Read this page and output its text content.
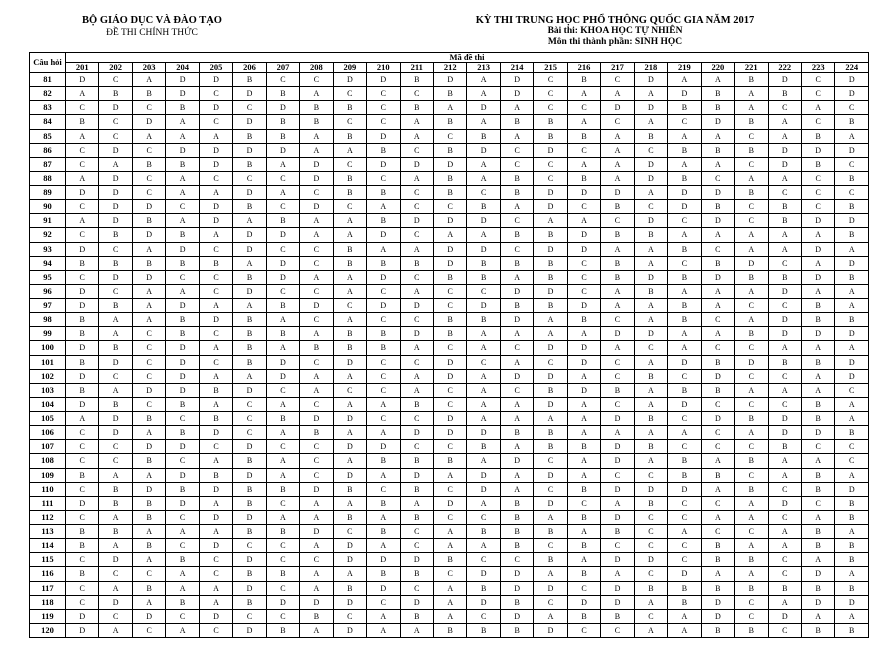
BỘ GIÁO DỤC VÀ ĐÀO TẠO
ĐỀ THI CHÍNH THỨC
KỲ THI TRUNG HỌC PHỔ THÔNG QUỐC GIA NĂM 2017
Bài thi: KHOA HỌC TỰ NHIÊN
Môn thi thành phần: SINH HỌC
Câu hỏi	Mã đề thi																							
	201	202	203	204	205	206	207	208	209	210	211	212	213	214	215	216	217	218	219	220	221	222	223	224
81	D	C	A	D	D	B	C	C	D	D	B	D	A	D	C	B	C	D	A	A	B	D	C	D
82	A	B	B	D	C	D	B	A	C	C	C	B	A	D	C	A	A	A	D	B	A	B	C	D
83	C	D	C	B	D	C	D	B	B	C	B	A	D	A	C	C	D	D	B	B	A	C	A	C
84	B	C	D	A	C	D	B	B	C	C	A	B	A	B	B	A	C	A	C	D	B	A	C	B
85	A	C	A	A	A	B	B	A	B	D	A	C	B	A	B	B	A	B	A	A	C	A	B	A
86	C	D	C	D	D	D	D	A	A	B	C	B	D	C	D	C	A	C	B	B	B	D	D	D
87	C	A	B	B	D	B	A	D	C	D	D	D	A	C	C	A	A	D	A	A	C	D	B	C
88	A	D	C	A	C	C	C	D	B	C	A	B	A	B	C	B	A	D	B	C	A	A	C	B
89	D	D	C	A	A	D	A	C	B	B	C	B	C	B	D	D	D	A	D	D	B	C	C	C
90	C	D	D	C	D	B	C	D	C	A	C	C	B	A	D	C	B	C	D	B	C	B	C	B
91	A	D	B	A	D	A	B	A	A	B	D	D	D	C	A	A	C	D	C	D	C	B	D	D
92	C	B	D	B	A	D	D	A	A	D	C	A	A	B	B	D	B	B	A	A	A	A	A	B
93	D	C	A	D	C	D	C	C	B	A	A	D	D	C	D	D	A	A	B	C	A	A	D	A
94	B	B	B	B	B	A	D	C	B	B	B	D	B	B	B	C	B	A	C	B	D	C	A	D
95	C	D	D	C	C	B	D	A	A	D	C	B	B	A	B	C	B	D	B	D	B	B	D	B
96	D	C	A	A	C	D	C	C	A	C	A	C	C	D	D	C	A	B	A	A	A	D	A	A
97	D	B	A	D	A	A	B	D	C	D	D	C	D	B	B	D	A	A	B	A	C	C	B	A
98	B	A	A	B	D	B	A	C	A	C	C	B	B	D	A	B	C	A	B	C	A	D	B	B
99	B	A	C	B	C	B	B	A	B	B	D	B	A	A	A	A	D	D	A	A	B	D	D	D
100	D	B	C	D	A	B	A	B	B	B	A	C	A	C	D	D	A	C	A	C	C	A	A	A
101	B	D	C	D	C	B	D	C	D	C	C	D	C	A	C	D	C	A	D	B	D	B	B	D
102	D	C	C	D	A	A	D	A	A	C	A	D	A	D	D	A	C	B	C	D	C	C	A	D
103	B	A	D	D	B	D	C	A	C	C	A	C	A	C	B	D	B	A	B	B	A	A	A	C
104	D	B	C	B	A	C	A	C	A	A	B	C	A	A	D	A	C	A	D	C	C	C	B	A
105	A	D	B	C	B	C	B	D	D	C	C	D	A	A	A	A	D	B	C	D	B	D	B	A
106	C	D	A	B	D	C	A	B	A	A	D	D	D	B	B	A	A	A	A	C	A	D	D	B
107	C	C	D	D	C	D	C	C	D	D	C	C	B	A	B	B	D	B	C	C	C	B	C	C
108	C	C	B	C	A	B	A	C	A	B	B	B	A	D	C	A	D	A	B	A	B	A	A	C
109	B	A	A	D	B	D	A	C	D	A	D	A	D	A	D	A	C	C	B	B	C	A	B	A
110	C	B	D	B	D	B	B	D	B	C	B	C	D	A	C	B	D	D	D	A	B	C	B	D
111	D	B	B	D	A	B	C	A	A	B	A	D	A	B	D	C	A	B	C	C	A	D	C	B
112	C	A	B	C	D	D	A	A	B	A	B	C	C	B	A	B	D	C	C	A	A	C	A	B
113	B	B	A	A	A	B	B	D	C	B	C	A	B	B	B	A	B	C	A	C	C	A	B	A
114	B	A	B	C	D	C	C	A	D	A	C	A	A	B	C	B	C	C	C	B	A	A	B	B
115	C	D	A	B	C	D	C	C	D	D	D	B	C	C	B	A	D	D	C	B	B	C	A	B
116	B	C	C	A	C	B	B	A	A	B	B	C	D	D	A	B	A	C	D	A	A	C	D	A
117	C	A	B	A	A	D	C	A	B	D	C	A	B	D	D	C	D	B	B	B	B	B	B	B
118	C	D	A	B	A	B	D	D	D	C	D	A	D	B	C	D	D	A	B	D	C	A	D	D
119	D	C	D	C	D	C	C	B	C	A	B	A	C	D	A	B	B	C	A	D	C	D	A	A
120	D	A	C	A	C	D	B	A	D	A	A	B	B	B	D	C	C	A	A	B	B	C	B	B
